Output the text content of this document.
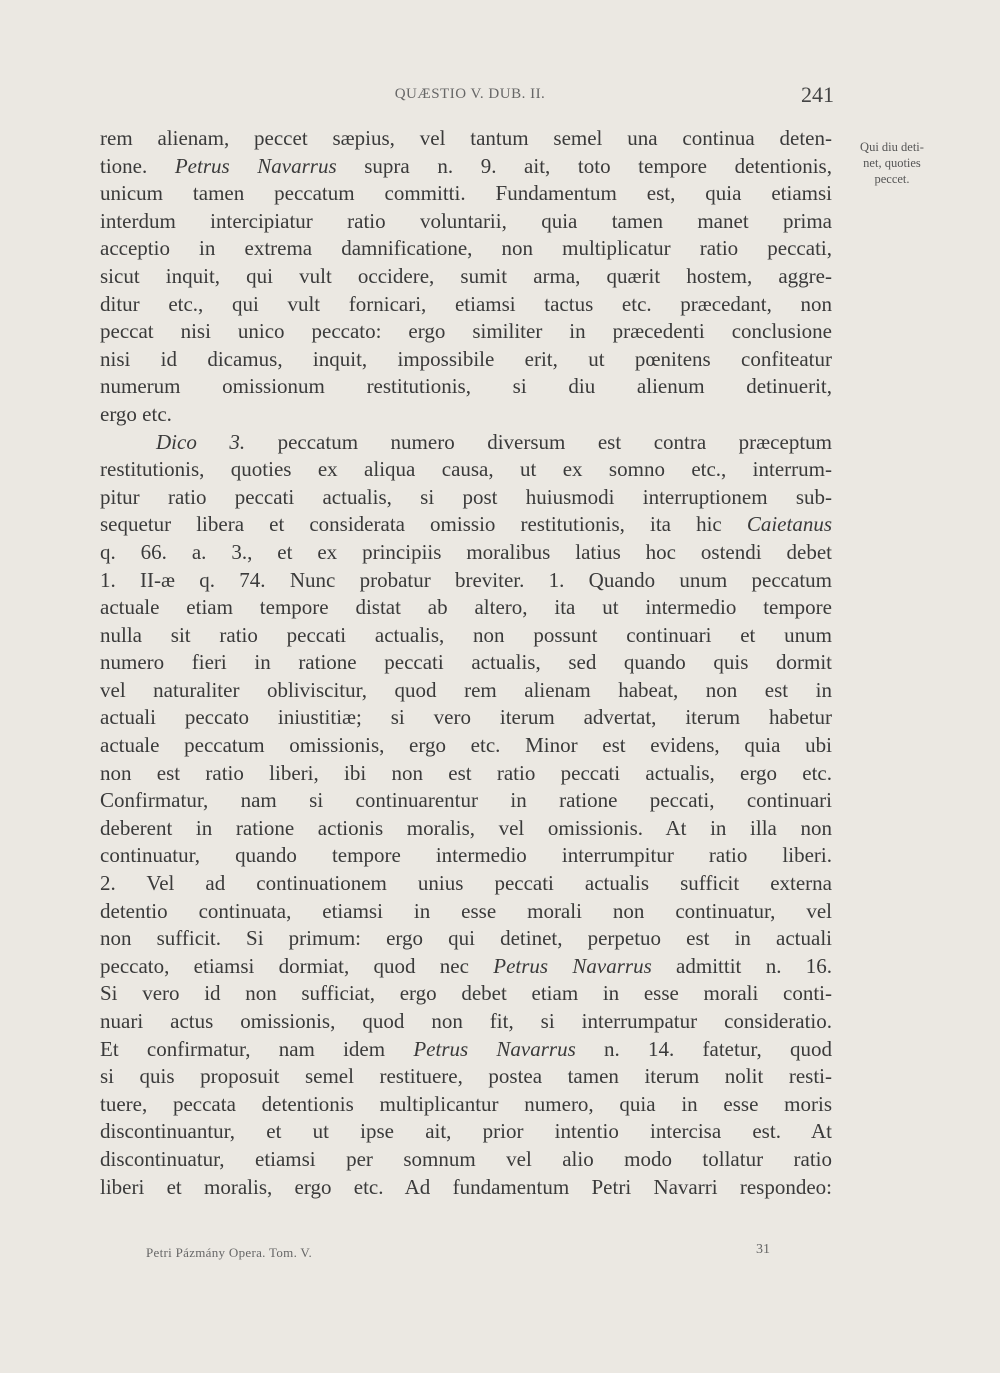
QUÆSTIO V. DUB. II.	241
rem alienam, peccet sæpius, vel tantum semel una continua deten-
tione. Petrus Navarrus supra n. 9. ait, toto tempore detentionis,
unicum tamen peccatum committi. Fundamentum est, quia etiamsi
interdum intercipiatur ratio voluntarii, quia tamen manet prima
acceptio in extrema damnificatione, non multiplicatur ratio peccati,
sicut inquit, qui vult occidere, sumit arma, quærit hostem, aggre-
ditur etc., qui vult fornicari, etiamsi tactus etc. præcedant, non
peccat nisi unico peccato: ergo similiter in præcedenti conclusione
nisi id dicamus, inquit, impossibile erit, ut pœnitens confiteatur
numerum omissionum restitutionis, si diu alienum detinuerit,
ergo etc.
Dico 3. peccatum numero diversum est contra præceptum
restitutionis, quoties ex aliqua causa, ut ex somno etc., interrum-
pitur ratio peccati actualis, si post huiusmodi interruptionem sub-
sequetur libera et considerata omissio restitutionis, ita hic Caietanus
q. 66. a. 3., et ex principiis moralibus latius hoc ostendi debet
1. II-æ q. 74. Nunc probatur breviter. 1. Quando unum peccatum
actuale etiam tempore distat ab altero, ita ut intermedio tempore
nulla sit ratio peccati actualis, non possunt continuari et unum
numero fieri in ratione peccati actualis, sed quando quis dormit
vel naturaliter obliviscitur, quod rem alienam habeat, non est in
actuali peccato iniustitiæ; si vero iterum advertat, iterum habetur
actuale peccatum omissionis, ergo etc. Minor est evidens, quia ubi
non est ratio liberi, ibi non est ratio peccati actualis, ergo etc.
Confirmatur, nam si continuarentur in ratione peccati, continuari
deberent in ratione actionis moralis, vel omissionis. At in illa non
continuatur, quando tempore intermedio interrumpitur ratio liberi.
2. Vel ad continuationem unius peccati actualis sufficit externa
detentio continuata, etiamsi in esse morali non continuatur, vel
non sufficit. Si primum: ergo qui detinet, perpetuo est in actuali
peccato, etiamsi dormiat, quod nec Petrus Navarrus admittit n. 16.
Si vero id non sufficiat, ergo debet etiam in esse morali conti-
nuari actus omissionis, quod non fit, si interrumpatur consideratio.
Et confirmatur, nam idem Petrus Navarrus n. 14. fatetur, quod
si quis proposuit semel restituere, postea tamen iterum nolit resti-
tuere, peccata detentionis multiplicantur numero, quia in esse moris
discontinuantur, et ut ipse ait, prior intentio intercisa est. At
discontinuatur, etiamsi per somnum vel alio modo tollatur ratio
liberi et moralis, ergo etc. Ad fundamentum Petri Navarri respondeo:
Qui diu deti-
net, quoties
peccet.
Petri Pázmány Opera. Tom. V.	31
